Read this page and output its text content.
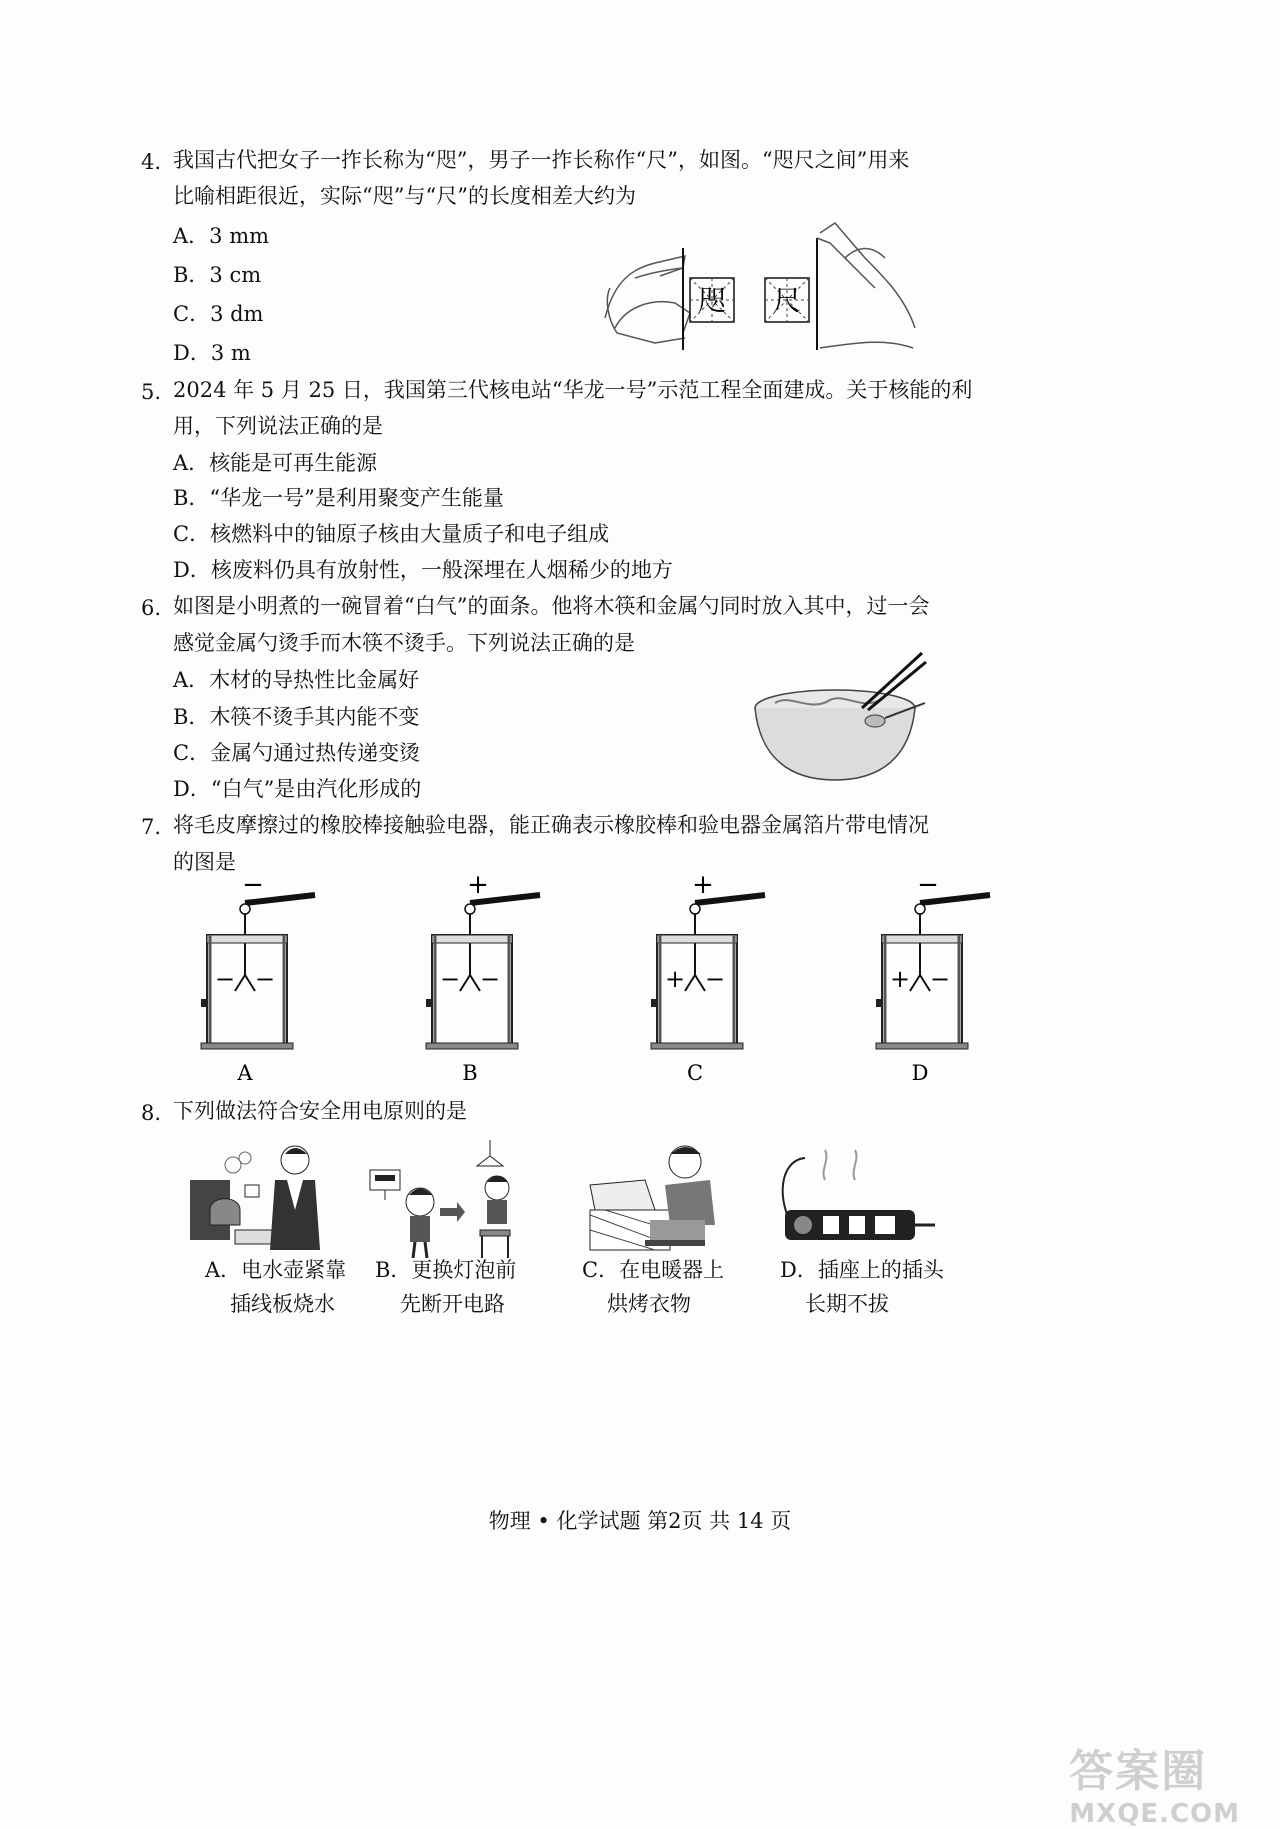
4. 我国古代把女子一拃长称为“咫”，男子一拃长称作“尺”，如图。“咫尺之间”用来
比喻相距很近，实际“咫”与“尺”的长度相差大约为
A．3 mm
B．3 cm
C．3 dm
D．3 m
咫 尺
5. 2024 年 5 月 25 日，我国第三代核电站“华龙一号”示范工程全面建成。关于核能的利
用，下列说法正确的是
A．核能是可再生能源
B．“华龙一号”是利用聚变产生能量
C．核燃料中的铀原子核由大量质子和电子组成
D．核废料仍具有放射性，一般深埋在人烟稀少的地方
6. 如图是小明煮的一碗冒着“白气”的面条。他将木筷和金属勺同时放入其中，过一会
感觉金属勺烫手而木筷不烫手。下列说法正确的是
A．木材的导热性比金属好
B．木筷不烫手其内能不变
C．金属勺通过热传递变烫
D．“白气”是由汽化形成的
7. 将毛皮摩擦过的橡胶棒接触验电器，能正确表示橡胶棒和验电器金属箔片带电情况
的图是
−
− −
A
+
− −
B
+
+ −
C
−
+ −
D
8. 下列做法符合安全用电原则的是
A．电水壶紧靠
插线板烧水
B．更换灯泡前
先断开电路
C．在电暖器上
烘烤衣物
D．插座上的插头
长期不拔
物理 • 化学试题 第2页 共 14 页
答案圈
MXQE.COM
